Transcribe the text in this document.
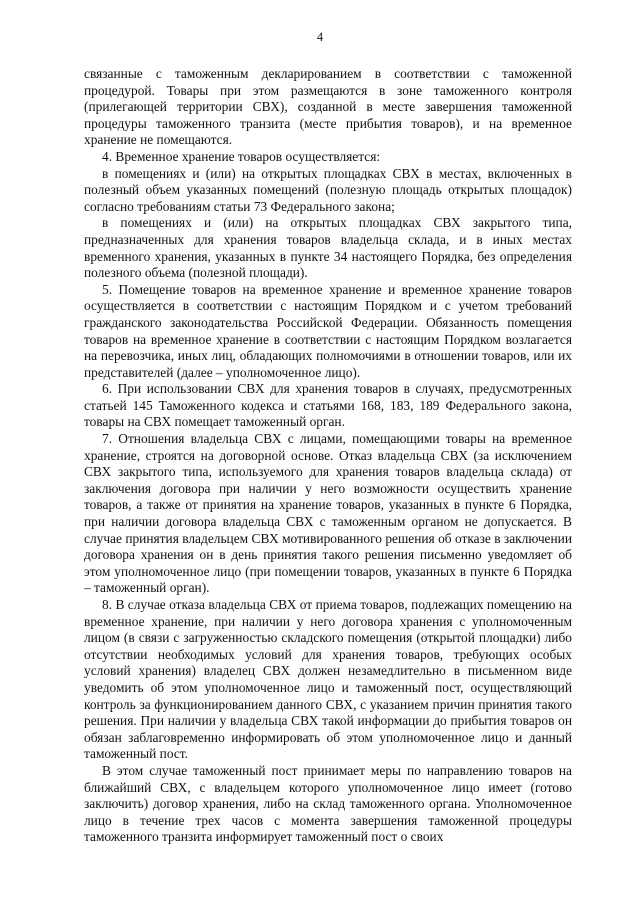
4

связанные с таможенным декларированием в соответствии с таможенной процедурой. Товары при этом размещаются в зоне таможенного контроля (прилегающей территории СВХ), созданной в месте завершения таможенной процедуры таможенного транзита (месте прибытия товаров), и на временное хранение не помещаются.

4. Временное хранение товаров осуществляется:

в помещениях и (или) на открытых площадках СВХ в местах, включенных в полезный объем указанных помещений (полезную площадь открытых площадок) согласно требованиям статьи 73 Федерального закона;

в помещениях и (или) на открытых площадках СВХ закрытого типа, предназначенных для хранения товаров владельца склада, и в иных местах временного хранения, указанных в пункте 34 настоящего Порядка, без определения полезного объема (полезной площади).

5. Помещение товаров на временное хранение и временное хранение товаров осуществляется в соответствии с настоящим Порядком и с учетом требований гражданского законодательства Российской Федерации. Обязанность помещения товаров на временное хранение в соответствии с настоящим Порядком возлагается на перевозчика, иных лиц, обладающих полномочиями в отношении товаров, или их представителей (далее – уполномоченное лицо).

6. При использовании СВХ для хранения товаров в случаях, предусмотренных статьей 145 Таможенного кодекса и статьями 168, 183, 189 Федерального закона, товары на СВХ помещает таможенный орган.

7. Отношения владельца СВХ с лицами, помещающими товары на временное хранение, строятся на договорной основе. Отказ владельца СВХ (за исключением СВХ закрытого типа, используемого для хранения товаров владельца склада) от заключения договора при наличии у него возможности осуществить хранение товаров, а также от принятия на хранение товаров, указанных в пункте 6 Порядка, при наличии договора владельца СВХ с таможенным органом не допускается. В случае принятия владельцем СВХ мотивированного решения об отказе в заключении договора хранения он в день принятия такого решения письменно уведомляет об этом уполномоченное лицо (при помещении товаров, указанных в пункте 6 Порядка – таможенный орган).

8. В случае отказа владельца СВХ от приема товаров, подлежащих помещению на временное хранение, при наличии у него договора хранения с уполномоченным лицом (в связи с загруженностью складского помещения (открытой площадки) либо отсутствии необходимых условий для хранения товаров, требующих особых условий хранения) владелец СВХ должен незамедлительно в письменном виде уведомить об этом уполномоченное лицо и таможенный пост, осуществляющий контроль за функционированием данного СВХ, с указанием причин принятия такого решения. При наличии у владельца СВХ такой информации до прибытия товаров он обязан заблаговременно информировать об этом уполномоченное лицо и данный таможенный пост.

В этом случае таможенный пост принимает меры по направлению товаров на ближайший СВХ, с владельцем которого уполномоченное лицо имеет (готово заключить) договор хранения, либо на склад таможенного органа. Уполномоченное лицо в течение трех часов с момента завершения таможенной процедуры таможенного транзита информирует таможенный пост о своих
